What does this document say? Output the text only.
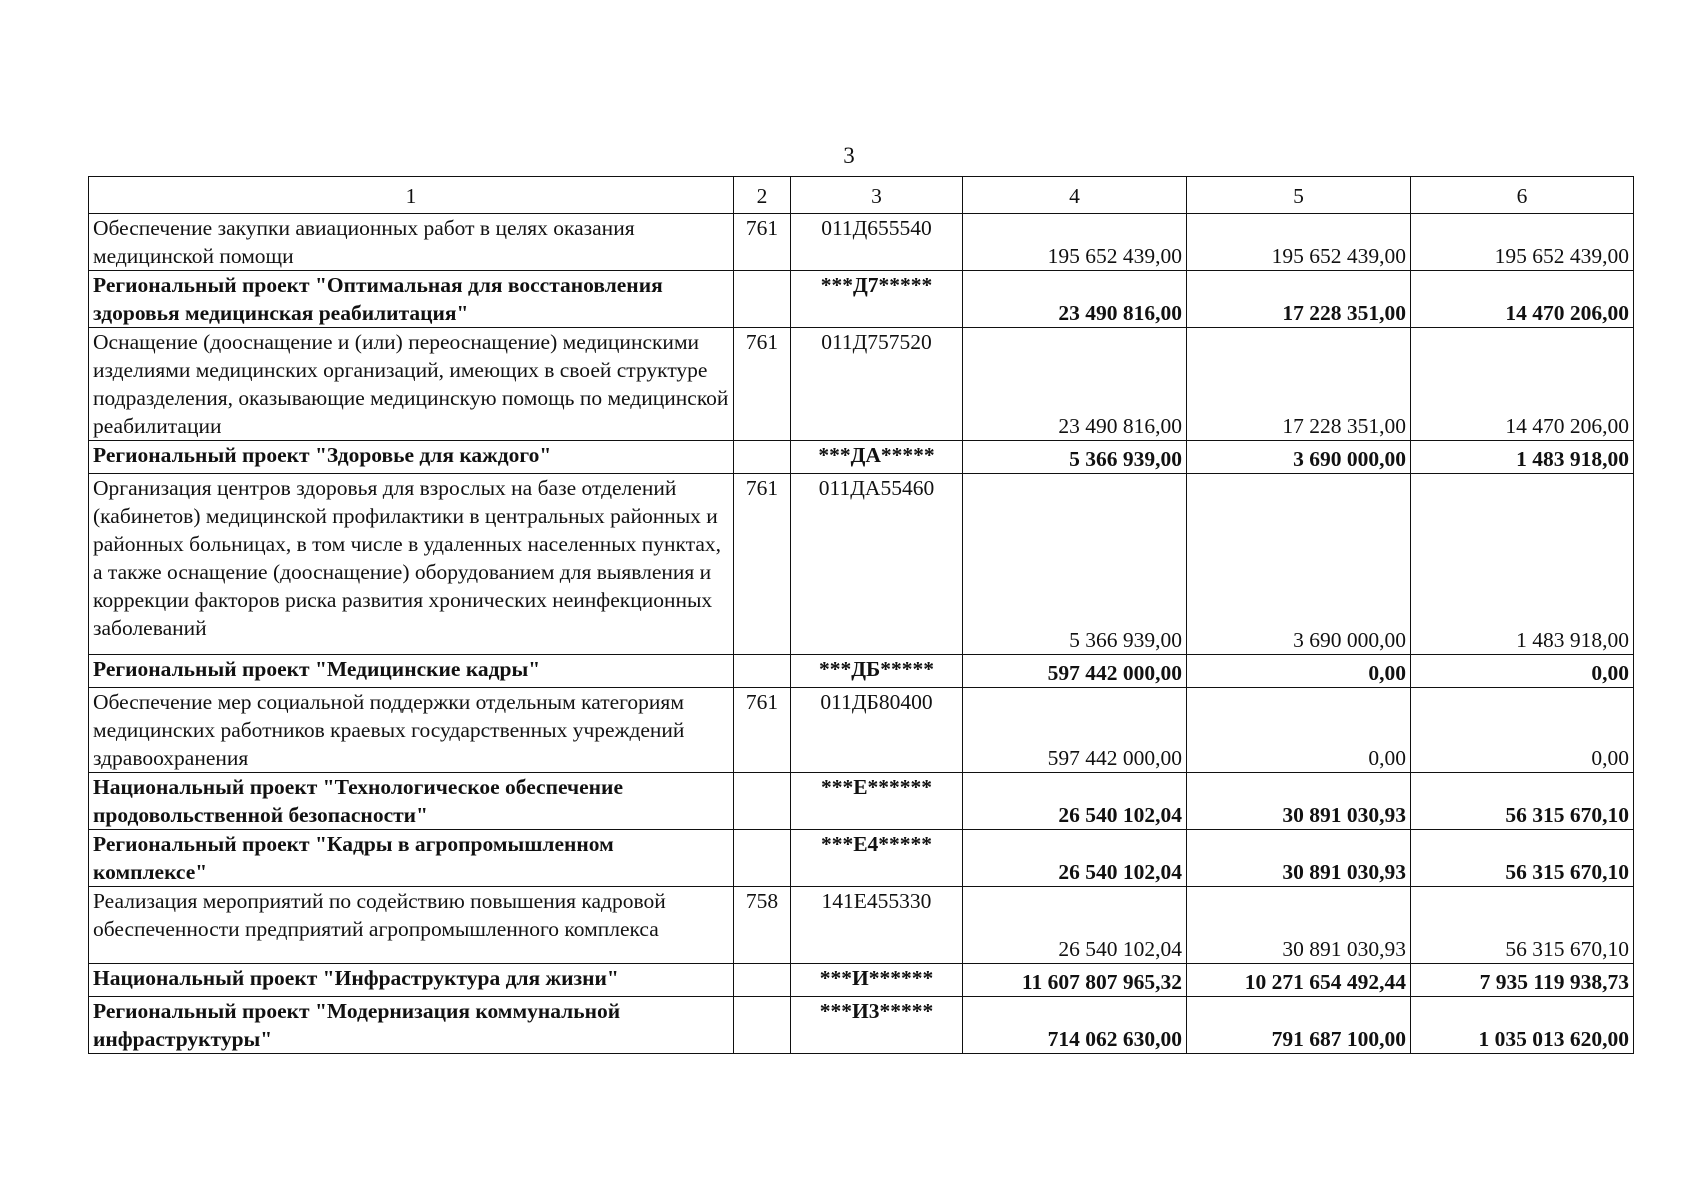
3
1	2	3	4	5	6
Обеспечение закупки авиационных работ в целях оказания медицинской помощи	761	011Д655540	195 652 439,00	195 652 439,00	195 652 439,00
Региональный проект "Оптимальная для восстановления здоровья медицинская реабилитация"		***Д7*****	23 490 816,00	17 228 351,00	14 470 206,00
Оснащение (дооснащение и (или) переоснащение) медицинскими изделиями медицинских организаций, имеющих в своей структуре подразделения, оказывающие медицинскую помощь по медицинской реабилитации	761	011Д757520	23 490 816,00	17 228 351,00	14 470 206,00
Региональный проект "Здоровье для каждого"		***ДА*****	5 366 939,00	3 690 000,00	1 483 918,00
Организация центров здоровья для взрослых на базе отделений (кабинетов) медицинской профилактики в центральных районных и районных больницах, в том числе в удаленных населенных пунктах, а также оснащение (дооснащение) оборудованием для выявления и коррекции факторов риска развития хронических неинфекционных заболеваний	761	011ДА55460	5 366 939,00	3 690 000,00	1 483 918,00
Региональный проект "Медицинские кадры"		***ДБ*****	597 442 000,00	0,00	0,00
Обеспечение мер социальной поддержки отдельным категориям медицинских работников краевых государственных учреждений здравоохранения	761	011ДБ80400	597 442 000,00	0,00	0,00
Национальный проект "Технологическое обеспечение продовольственной безопасности"		***Е******	26 540 102,04	30 891 030,93	56 315 670,10
Региональный проект "Кадры в агропромышленном комплексе"		***Е4*****	26 540 102,04	30 891 030,93	56 315 670,10
Реализация мероприятий по содействию повышения кадровой обеспеченности предприятий агропромышленного комплекса	758	141Е455330	26 540 102,04	30 891 030,93	56 315 670,10
Национальный проект "Инфраструктура для жизни"		***И******	11 607 807 965,32	10 271 654 492,44	7 935 119 938,73
Региональный проект "Модернизация коммунальной инфраструктуры"		***И3*****	714 062 630,00	791 687 100,00	1 035 013 620,00
